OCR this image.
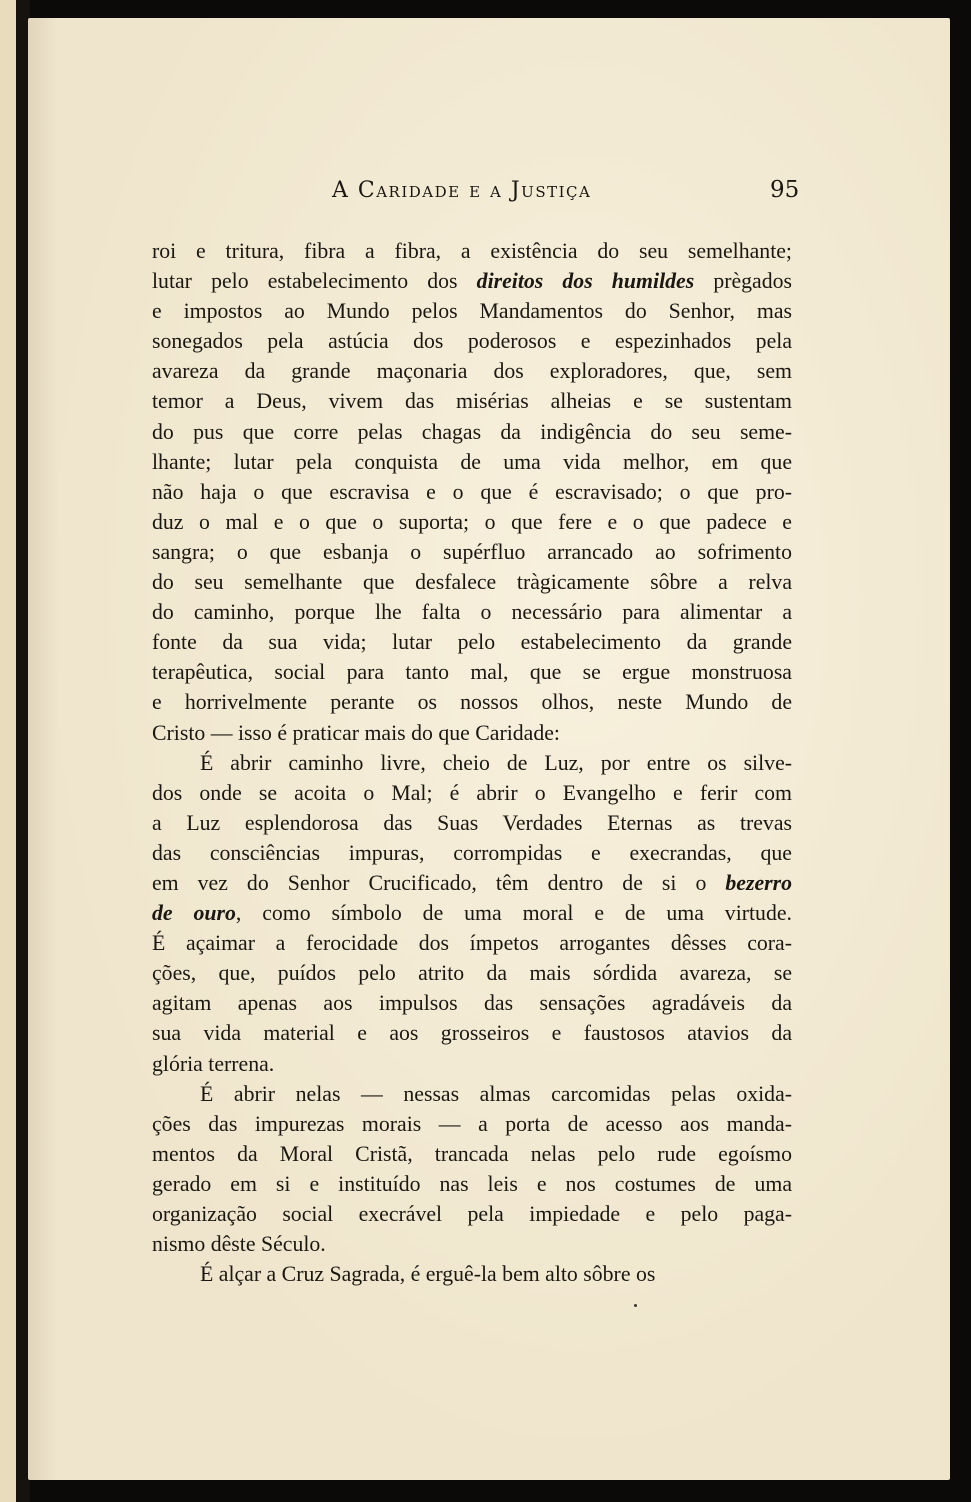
A Caridade e a Justiça	95
roi e tritura, fibra a fibra, a existência do seu semelhante;
lutar pelo estabelecimento dos direitos dos humildes prègados
e impostos ao Mundo pelos Mandamentos do Senhor, mas
sonegados pela astúcia dos poderosos e espezinhados pela
avareza da grande maçonaria dos exploradores, que, sem
temor a Deus, vivem das misérias alheias e se sustentam
do pus que corre pelas chagas da indigência do seu seme-
lhante; lutar pela conquista de uma vida melhor, em que
não haja o que escravisa e o que é escravisado; o que pro-
duz o mal e o que o suporta; o que fere e o que padece e
sangra; o que esbanja o supérfluo arrancado ao sofrimento
do seu semelhante que desfalece tràgicamente sôbre a relva
do caminho, porque lhe falta o necessário para alimentar a
fonte da sua vida; lutar pelo estabelecimento da grande
terapêutica, social para tanto mal, que se ergue monstruosa
e horrivelmente perante os nossos olhos, neste Mundo de
Cristo — isso é praticar mais do que Caridade:
É abrir caminho livre, cheio de Luz, por entre os silve-
dos onde se acoita o Mal; é abrir o Evangelho e ferir com
a Luz esplendorosa das Suas Verdades Eternas as trevas
das consciências impuras, corrompidas e execrandas, que
em vez do Senhor Crucificado, têm dentro de si o bezerro
de ouro, como símbolo de uma moral e de uma virtude.
É açaimar a ferocidade dos ímpetos arrogantes dêsses cora-
ções, que, puídos pelo atrito da mais sórdida avareza, se
agitam apenas aos impulsos das sensações agradáveis da
sua vida material e aos grosseiros e faustosos atavios da
glória terrena.
É abrir nelas — nessas almas carcomidas pelas oxida-
ções das impurezas morais — a porta de acesso aos manda-
mentos da Moral Cristã, trancada nelas pelo rude egoísmo
gerado em si e instituído nas leis e nos costumes de uma
organização social execrável pela impiedade e pelo paga-
nismo dêste Século.
É alçar a Cruz Sagrada, é erguê-la bem alto sôbre os
